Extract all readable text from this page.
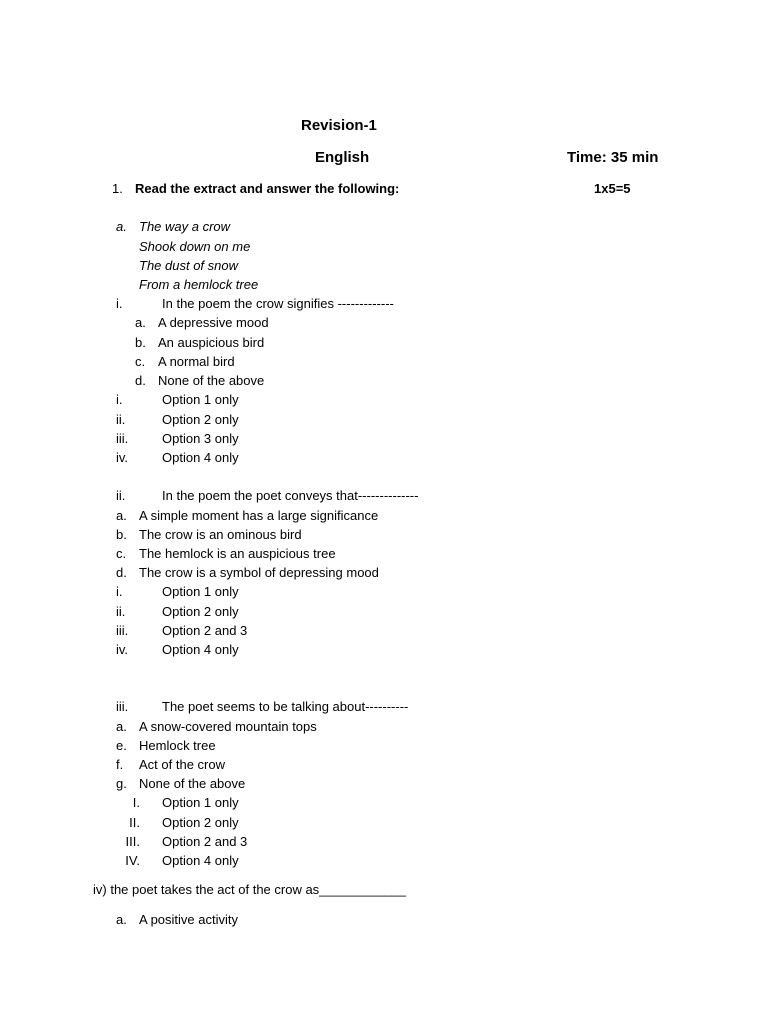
Revision-1
English	Time: 35 min
1. Read the extract and answer the following:	1x5=5
a. The way a crow
Shook down on me
The dust of snow
From a hemlock tree
i.	In the poem the crow signifies -------------
a. A depressive mood
b. An auspicious bird
c. A normal bird
d. None of the above
i.	Option 1 only
ii.	Option 2 only
iii.	Option 3 only
iv.	Option 4 only
ii.	In the poem the poet conveys that--------------
a. A simple moment has a large significance
b. The crow is an ominous bird
c. The hemlock is an auspicious tree
d. The crow is a symbol of depressing mood
i.	Option 1 only
ii.	Option 2 only
iii.	Option 2 and 3
iv.	Option 4 only
iii.	The poet seems to be talking about----------
a. A snow-covered mountain tops
e. Hemlock tree
f. Act of the crow
g. None of the above
I. Option 1 only
II. Option 2 only
III. Option 2 and 3
IV. Option 4 only
iv) the poet takes the act of the crow as____________
a. A positive activity
